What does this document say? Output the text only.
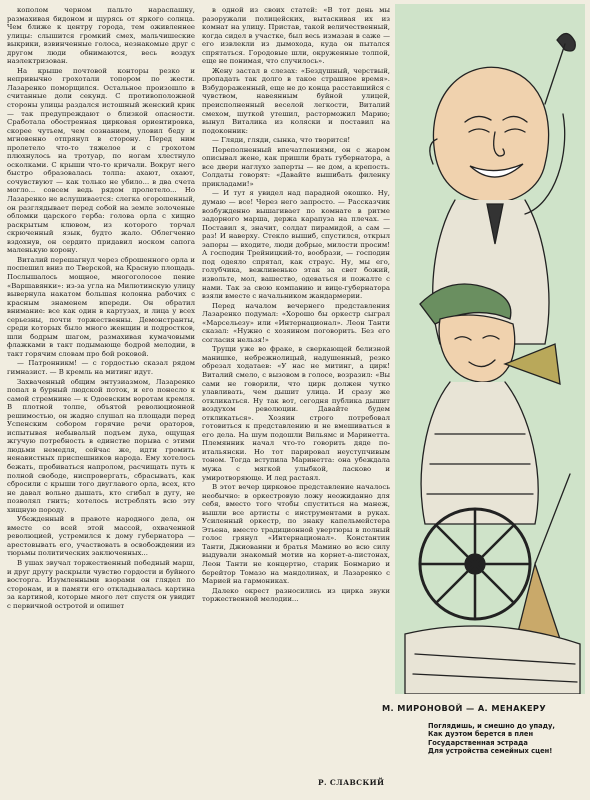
кополом черном пальто нараспашку, размахивая бидоном и щурясь от яркого солнца. Чем ближе к центру города, тем оживленнее улицы: слышится громкий смех, мальчишеские выкрики, взвинченные голоса, незнакомые друг с другом люди обнимаются, весь воздух наэлектризован.

На крыше почтовой конторы резко и непривычно грохотали топором по жести. Лазаренко поморщился. Остальное произошло в считанные доли секунд. С противоположной стороны улицы раздался истошный женский крик — так предупреждают о близкой опасности. Сработала обостренная цирковая ориентировка, скорее чутьем, чем сознанием, уловил беду и мгновенно отпрянул в сторону. Перед ним пролетело что-то тяжелое и с грохотом плюхнулось на тротуар, по ногам хлестнуло осколками. С крыши что-то кричали. Вокруг него быстро образовалась толпа: ахают, охают, сочувствуют — как только не убило... в два счета могло... совсем ведь рядом пролетело... Но Лазаренко не вслушивается: слегка огорошенный, он разглядывает перед собой на земле золоченые обломки царского герба: голова орла с хищно раскрытым клювом, из которого торчал скрюченный язык, будто жало. Облегченно вздохнув, он сердито придавил носком сапога маленькую корону.

Виталий перешагнул через сброшенного орла и поспешил вниз по Тверской, на Красную площадь. Послышалось мощное, многоголосое пение «Варшавянки»: из-за угла на Милютинскую улицу вывернула накатом большая колонна рабочих с красным знаменем впереди. Он обратил внимание: все как один в картузах, и лица у всех серьезны, почти торжественны. Демонстранты, среди которых было много женщин и подростков, шли бодрым шагом, размахивая кумачовыми флажками в такт подымающе бодрой мелодии, в такт горячим словам про бой роковой.

— Патронникм! — с гордостью сказал рядом гимназист. — В кремль на митинг идут.

Захваченный общим энтузиазмом, Лазаренко попал в бурный людской поток, и его понесло к самой стремнине — к Одоевским воротам кремля. В плотной толпе, объятой революционной решимостью, он жадно слушал на площади перед Успенским собором горячие речи ораторов, испытывая небывалый подъем духа, ощущая жгучую потребность в единстве порыва с этими людьми немедля, сейчас же, идти громить ненавистных приспешников народа. Ему хотелось бежать, пробиваться напролом, расчищать путь к полной свободе, ниспровергать, сбрасывать, как сбросили с крыши того двуглавого орла, всех, кто не давал вольно дышать, кто сгибал в дугу, не позволял гнить; хотелось истреблять всю эту хищную породу.

Убежденный в правоте народного дела, он вместе со всей этой массой, охваченной революцией, устремился к дому губернатора — арестовывать его, участвовать в освобождении из тюрьмы политических заключенных...

В ушах звучал торжественный победный марш, и друг другу раскрыли чувство гордости и буйного восторга. Изумленными взорами он глядел по сторонам, и в памяти его откладывалась картина за картиной, которые много лет спустя он увидит с первичной остротой и опишет

в одной из своих статей: «В тот день мы разоружали полицейских, вытаскивая их из комнат на улицу. Пристав, такой величественный, когда сидел в участке, был весь измазан в саже — его извлекли из дымохода, куда он пытался спрятаться. Городовые шли, окруженные толпой, еще не понимая, что случилось».

Жену застал в слезах: «Бездушный, черствый, пропадать так долго в такое страшное время». Взбудораженный, еще не до конца расставшийся с чувством, навеянным буйной улицей, преисполненный веселой легкости, Виталий смехом, шуткой утешил, расторможил Марию; вынул Виталика из коляски и поставил на подоконник:

— Гляди, гляди, сынка, что творится!

Переполненный впечатлениями, он с жаром описывал жене, как пришли брать губернатора, а все двери наглухо заперты — не дом, а крепость. Солдаты говорят: «Давайте вышибать филенку прикладами!»

— И тут я увидел над парадной окошко. Ну, думаю — все! Через него запросто. — Рассказчик возбужденно вышагивает по комнате в ритме задорного марша, держа карапуза на плечах. — Поставил я, значит, солдат пирамидой, а сам — раз! И наверху. Стекло вышиб, спустился, открыл запоры — входите, люди добрые, милости просим! А господин Трейницкий-то, вообрази, — господин под одеяло спрятал, как страус. Ну, мы его, голубчика, вежливенько этак за свет божий, извольте, мол, вашество, одеваться и пожалте с нами. Так за свою компанию и вице-губернатора взяли вместе с начальником жандармерии.

Перед началом вечернего представления Лазаренко подумал: «Хорошо бы оркестр сыграл «Марсельезу» или «Интернационал». Леон Танти сказал: «Нужно с хозяином поговорить. Без его согласия нельзя!»

Трущи уже во фраке, в сверкающей белизной манишке, небрежнолицый, надушенный, резко обрезал ходатаев: «У нас не митинг, а цирк! Виталий смело, с вызовом в голосе, возразил: «Вы сами не говорили, что цирк должен чутко улавливать, чем дышит улица. И сразу же откликаться. Ну так вот, сегодня публика дышит воздухом революции. Давайте будем откликаться». Хозяин строго потребовал готовиться к представлению и не вмешиваться в его дела. На шум подошли Вильямс и Маринетта. Племянник начал что-то говорить дяде по-итальянски. Но тот парировал неуступчивым тоном. Тогда вступила Маринетта: она убеждала мужа с мягкой улыбкой, ласково и умиротворяюще. И лед растаял.

В этот вечер цирковое представление началось необычно: в оркестровую ложу неожиданно для себя, вместо того чтобы спуститься на манеж, вышли все артисты с инструментами в руках. Усиленный оркестр, по знаку капельмейстера Этьена, вместо традиционной увертюры в полный голос грянул «Интернационал». Константин Танти, Джиованни и братья Мамино во всю силу выдували знакомый мотив на корнет-а-пистонах, Леон Танти не концертно, старик Бонмарио и берейтор Томазо на мандолинах, и Лазаренко с Марией на гармониках.

Далеко окрест разносились из цирка звуки торжественной мелодии...

Р. СЛАВСКИЙ
М. МИРОНОВОЙ — А. МЕНАКЕРУ
Поглядишь, и смешно до упаду,
Как дуэтом берется в плен
Государственная эстрада
Для устройства семейных сцен!
